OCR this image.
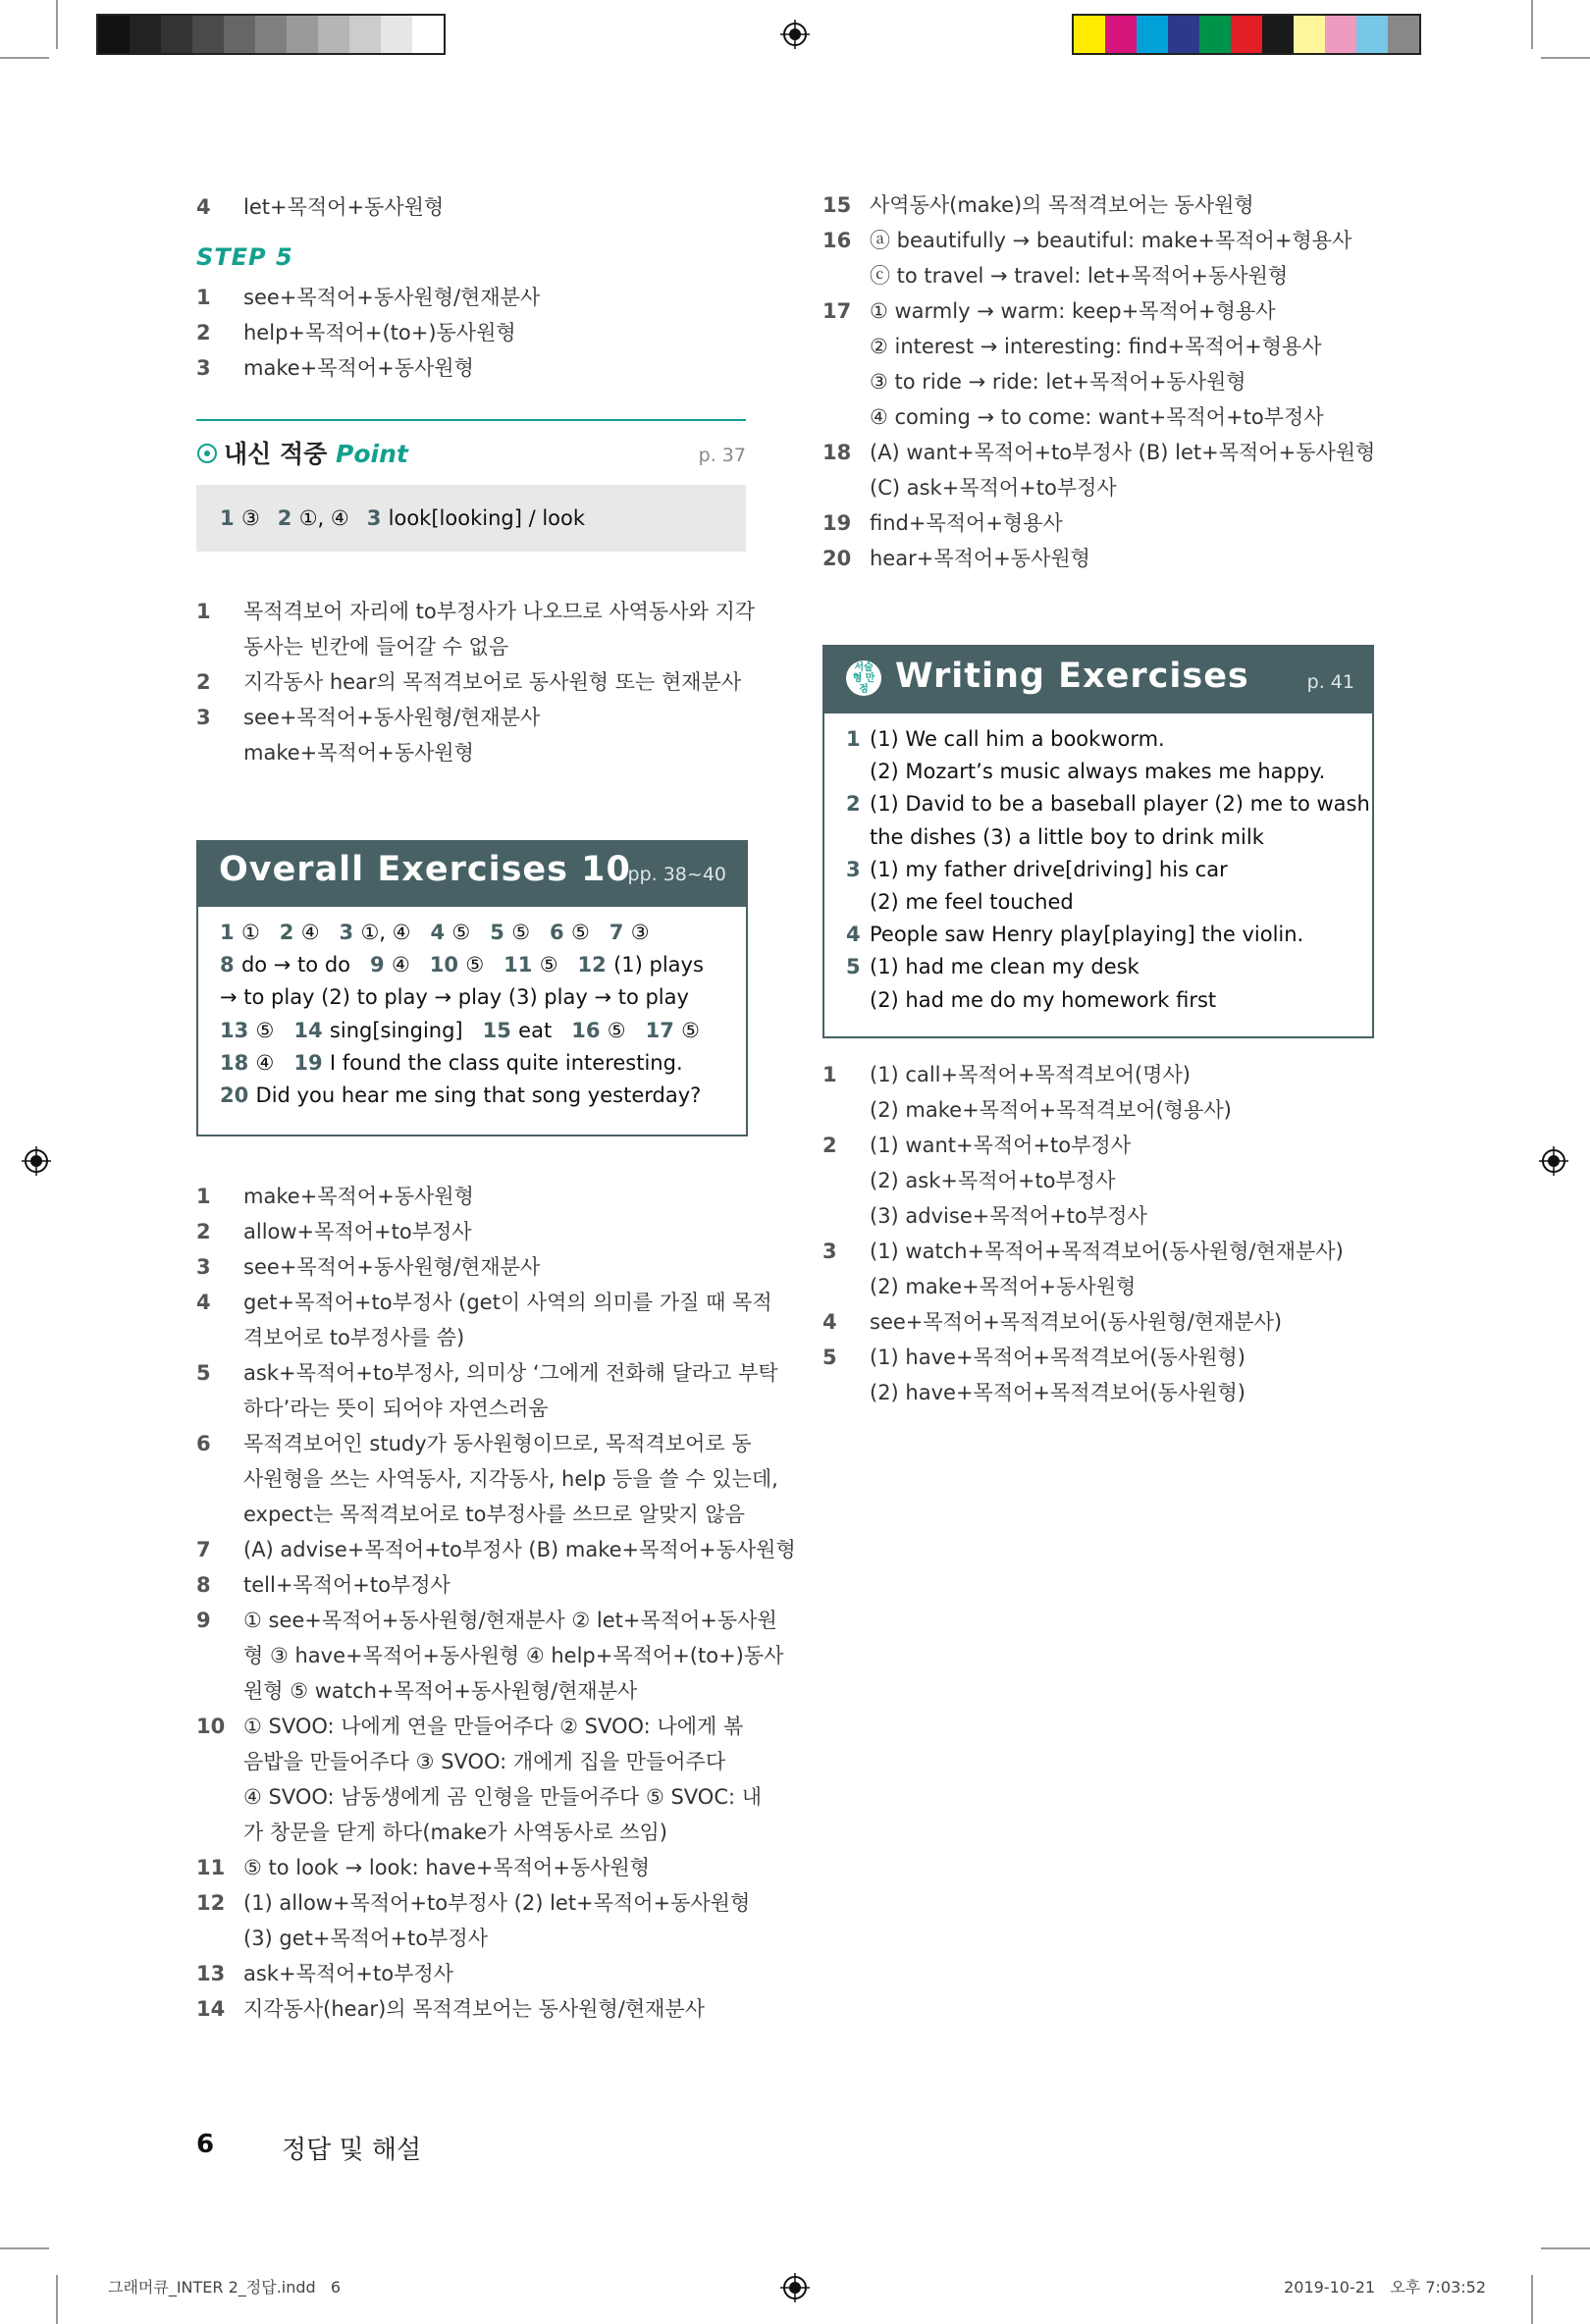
4	let+목적어+동사원형
STEP 5
1	see+목적어+동사원형/현재분사
2	help+목적어+(to+)동사원형
3	make+목적어+동사원형
내신 적중 Point	p. 37
1 ③ 2 ①, ④ 3 look[looking] / look
1	목적격보어 자리에 to부정사가 나오므로 사역동사와 지각
동사는 빈칸에 들어갈 수 없음
2	지각동사 hear의 목적격보어로 동사원형 또는 현재분사
3	see+목적어+동사원형/현재분사
make+목적어+동사원형
Overall Exercises 10
pp. 38~40
1 ① 2 ④ 3 ①, ④ 4 ⑤ 5 ⑤ 6 ⑤ 7 ③
8 do → to do 9 ④ 10 ⑤ 11 ⑤ 12 (1) plays
→ to play (2) to play → play (3) play → to play
13 ⑤ 14 sing[singing] 15 eat 16 ⑤ 17 ⑤
18 ④ 19 I found the class quite interesting.
20 Did you hear me sing that song yesterday?
1	make+목적어+동사원형
2	allow+목적어+to부정사
3	see+목적어+동사원형/현재분사
4	get+목적어+to부정사 (get이 사역의 의미를 가질 때 목적
격보어로 to부정사를 씀)
5	ask+목적어+to부정사, 의미상 ‘그에게 전화해 달라고 부탁
하다’라는 뜻이 되어야 자연스러움
6	목적격보어인 study가 동사원형이므로, 목적격보어로 동
사원형을 쓰는 사역동사, 지각동사, help 등을 쓸 수 있는데,
expect는 목적격보어로 to부정사를 쓰므로 알맞지 않음
7	(A) advise+목적어+to부정사 (B) make+목적어+동사원형
8	tell+목적어+to부정사
9	① see+목적어+동사원형/현재분사 ② let+목적어+동사원
형 ③ have+목적어+동사원형 ④ help+목적어+(to+)동사
원형 ⑤ watch+목적어+동사원형/현재분사
10 ① SVOO: 나에게 연을 만들어주다 ② SVOO: 나에게 볶
음밥을 만들어주다 ③ SVOO: 개에게 집을 만들어주다
④ SVOO: 남동생에게 곰 인형을 만들어주다 ⑤ SVOC: 내
가 창문을 닫게 하다(make가 사역동사로 쓰임)
11 ⑤ to look → look: have+목적어+동사원형
12 (1) allow+목적어+to부정사 (2) let+목적어+동사원형
(3) get+목적어+to부정사
13 ask+목적어+to부정사
14 지각동사(hear)의 목적격보어는 동사원형/현재분사
15 사역동사(make)의 목적격보어는 동사원형
16 ⓐ beautifully → beautiful: make+목적어+형용사
ⓒ to travel → travel: let+목적어+동사원형
17 ① warmly → warm: keep+목적어+형용사
② interest → interesting: find+목적어+형용사
③ to ride → ride: let+목적어+동사원형
④ coming → to come: want+목적어+to부정사
18 (A) want+목적어+to부정사 (B) let+목적어+동사원형
(C) ask+목적어+to부정사
19 find+목적어+형용사
20 hear+목적어+동사원형
서술형 만점 Writing Exercises	p. 41
1 (1) We call him a bookworm.
(2) Mozart’s music always makes me happy.
2 (1) David to be a baseball player (2) me to wash
the dishes (3) a little boy to drink milk
3 (1) my father drive[driving] his car
(2) me feel touched
4 People saw Henry play[playing] the violin.
5 (1) had me clean my desk
(2) had me do my homework first
1	(1) call+목적어+목적격보어(명사)
(2) make+목적어+목적격보어(형용사)
2	(1) want+목적어+to부정사
(2) ask+목적어+to부정사
(3) advise+목적어+to부정사
3	(1) watch+목적어+목적격보어(동사원형/현재분사)
(2) make+목적어+동사원형
4	see+목적어+목적격보어(동사원형/현재분사)
5	(1) have+목적어+목적격보어(동사원형)
(2) have+목적어+목적격보어(동사원형)
6	정답 및 해설
그래머큐_INTER 2_정답.indd   6	2019-10-21   오후 7:03:52
